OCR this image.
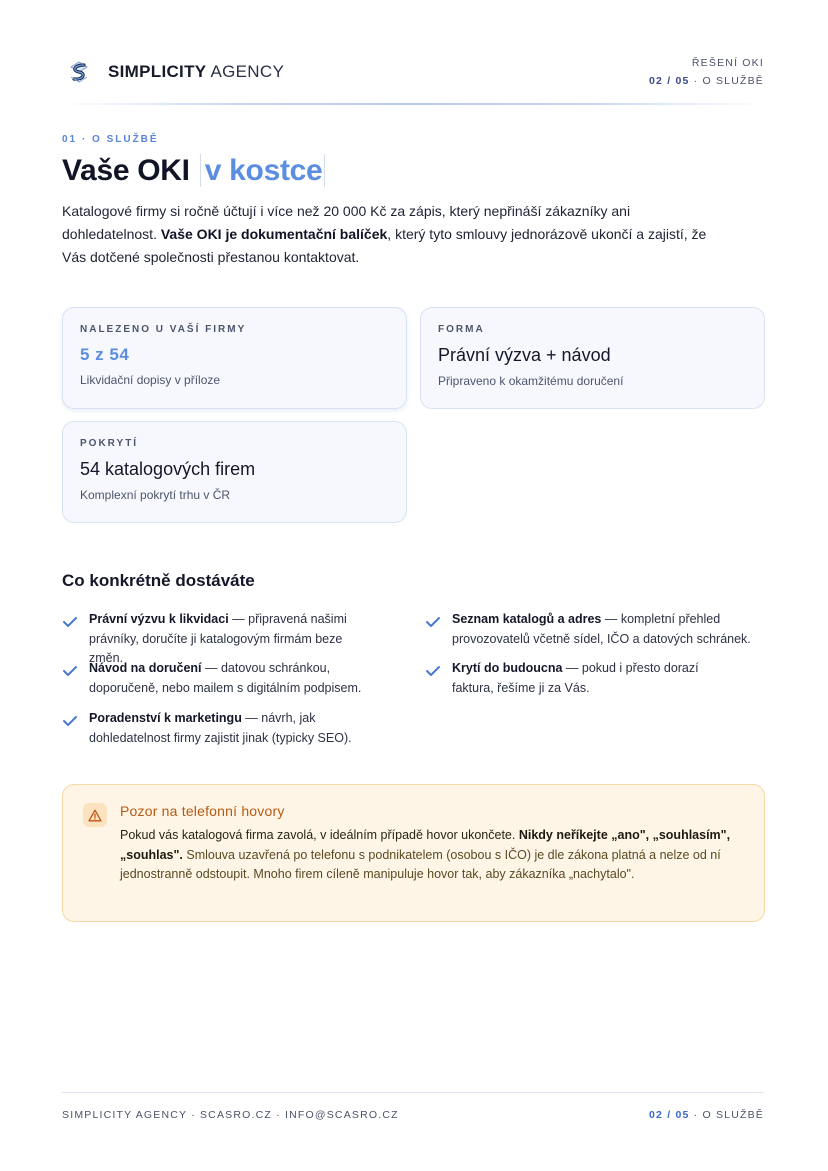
SIMPLICITY AGENCY	ŘEŠENÍ OKI
02 / 05 · O SLUŽBĚ
01 · O SLUŽBĚ
Vaše OKI v kostce

Katalogové firmy si ročně účtují i více než 20 000 Kč za zápis, který nepřináší zákazníky ani dohledatelnost. Vaše OKI je dokumentační balíček, který tyto smlouvy jednorázově ukončí a zajistí, že Vás dotčené společnosti přestanou kontaktovat.

NALEZENO U VAŠÍ FIRMY
5 z 54
Likvidační dopisy v příloze
FORMA
Právní výzva + návod
Připraveno k okamžitému doručení
POKRYTÍ
54 katalogových firem
Komplexní pokrytí trhu v ČR
Co konkrétně dostáváte
Právní výzvu k likvidaci — připravená našimi právníky, doručíte ji katalogovým firmám beze změn.
Návod na doručení — datovou schránkou, doporučeně, nebo mailem s digitálním podpisem.
Poradenství k marketingu — návrh, jak dohledatelnost firmy zajistit jinak (typicky SEO).
Seznam katalogů a adres — kompletní přehled provozovatelů včetně sídel, IČO a datových schránek.
Krytí do budoucna — pokud i přesto dorazí faktura, řešíme ji za Vás.
Pozor na telefonní hovory
Pokud vás katalogová firma zavolá, v ideálním případě hovor ukončete. Nikdy neříkejte „ano", „souhlasím", „souhlas". Smlouva uzavřená po telefonu s podnikatelem (osobou s IČO) je dle zákona platná a nelze od ní jednostranně odstoupit. Mnoho firem cíleně manipuluje hovor tak, aby zákazníka „nachytalo".
SIMPLICITY AGENCY · SCASRO.CZ · INFO@SCASRO.CZ	02 / 05 · O SLUŽBĚ
